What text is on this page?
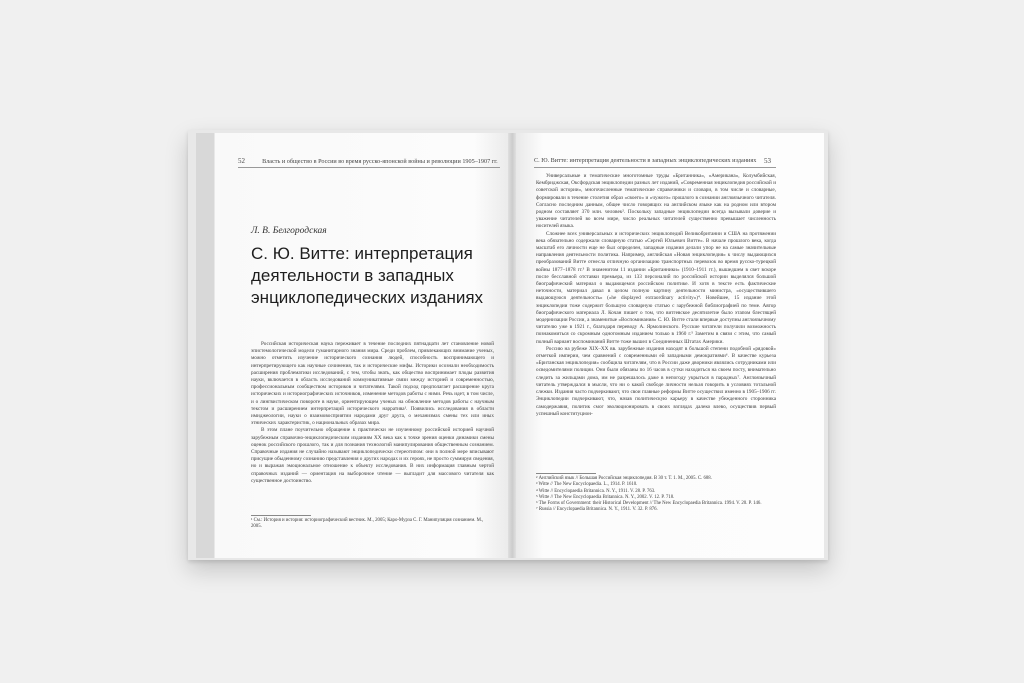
52	Власть и общество в России во время русско-японской войны и революции 1905–1907 гг.
Л. В. Белгородская
С. Ю. Витте: интерпретация деятельности в западных энциклопедических изданиях

Российская историческая наука переживает в течение последних пятнадцати лет становление новой эпистемологической модели гуманитарного знания мира. Среди проблем, привлекающих внимание ученых, можно отметить изучение исторического сознания людей, способность воспринимающего и интерпретирующего как научные сочинения, так и исторические мифы. Историки осознали необходимость расширения проблематики исследований, с тем, чтобы знать, как общество воспринимает плоды развития науки, включается в область исследований коммуникативные связи между историей и современностью, профессиональным сообществом историков и читателями. Такой подход предполагает расширение круга исторических и историографических источников, изменение методов работы с ними. Речь идет, в том числе, и о лингвистическом повороте в науке, ориентирующем ученых на обновление методов работы с научным текстом и расширением интерпретаций исторического нарратива¹. Появились исследования в области имиджеологии, науки о взаимовосприятии народами друг друга, о механизмах смены тех или иных этнических характеристик, о национальных образах мира.

В этом плане поучительно обращение к практически не изученному российской историей научной зарубежным справочно-энциклопедическим изданиям XX века как к точке зрения оценки динамики смены оценок российского прошлого, так и для познания технологий манипулирования общественным сознанием. Справочные издания не случайно называют энциклопедически стереотипом: они в полной мере вписывают присущие обыденному сознанию представления о других народах и их героях, не просто суммируя сведения, но и выражая эмоциональное отношение к объекту исследования. В них информация главным чертой справочных изданий — ориентация на выборочное чтение — выгладит для массового читателя как существенное достоинство.

¹ См.: История и история: историографический вестник. М., 2005; Каро-Мурза С. Г. Манипуляция сознанием. М., 2005.
С. Ю. Витте: интерпретация деятельности в западных энциклопедических изданиях 53

Универсальные и тематические многотомные труды «Британника», «Американа», Колумбийская, Кембриджская, Оксфордская энциклопедии разных лет изданий, «Современная энциклопедия российской и советской истории», многочисленные тематические справочники и словари, в том числе и словарные, формировали в течение столетия образ «своего» и «чужого» прошлого в сознании англоязычного читателя. Согласно последним данным, общее число говорящих на английском языке как на родном или втором родном составляет 370 млн. человек². Поскольку западные энциклопедии всегда вызывали доверие и уважение читателей во всем мире, число реальных читателей существенно превышает численность носителей языка.

Сложнее всех универсальных и исторических энциклопедий Великобритании и США на протяжении века обязательно содержали словарную статью «Сергей Юльевич Витте». В начале прошлого века, когда масштаб его личности еще не был определен, западные издания делали упор не на самые значительные направления деятельности политика. Например, английская «Новая энциклопедия» к числу выдающихся преобразований Витте отнесла отличную организацию транспортных перевозок во время русско-турецкой войны 1877–1878 гг.³ В знаменитом 11 издании «Британники» (1910–1911 гг.), вышедшем в свет вскоре после бесславной отставки премьера, из 133 персоналий по российской истории выделялся большой биографический материал о выдающемся российском политике. И хотя в тексте есть фактические неточности, материал давал в целом полную картину деятельности министра, «осуществившего выдающуюся деятельность» («he displayed extraordinary activity»)⁴. Новейшее, 15 издание этой энциклопедии тоже содержит большую словарную статью с зарубежной библиографией по теме. Автор биографического материала Л. Кочан пишет о том, что витгевское десятилетие было этапом блестящей модернизации России, а знаменитые «Воспоминания» С. Ю. Витте стали впервые доступны англоязычному читателю уже в 1921 г., благодаря переводу А. Ярмолинского. Русские читатели получили возможность познакомиться со скромным однотомным изданием только в 1960 г.⁵ Заметим в связи с этим, что самый полный вариант воспоминаний Витте тоже вышел в Соединенных Штатах Америки.

Россию на рубеже XIX–XX вв. зарубежные издания находят в большой степени подобной «рядовой» отметкой империи, чем сравнений с современными ей западными демократиями⁶. В качестве курьеза «Британская энциклопедия» сообщила читателям, что в России даже дворники являлись сотрудниками или осведомителями полиции. Они были обязаны по 16 часов в сутки находиться на своем посту, внимательно следить за жильцами дома, им не разрешалось даже в непогоду укрыться в парадных⁷. Англоязычный читатель утверждался в мысли, что ни о какой свободе личности нельзя говорить в условиях тотальной слежки. Издания часто подчеркивают, что свои главные реформы Витте осуществил именно в 1905–1906 гг. Энциклопедии подчеркивают, что, начав политическую карьеру в качестве убежденного сторонника самодержавия, политик смог эволюционировать в своих взглядах далеко влево, осуществив первый успешный конституцион-

² Английский язык // Большая Российская энциклопедия. В 30 т. Т. 1. М., 2005. С. 688.
³ Witte // The New Encyclopaedia. L., 1914. P. 1610.
⁴ Witte // Encyclopaedia Britannica. N. Y., 1911. V. 28. P. 763.
⁵ Witte // The New Encyclopaedia Britannica. N. Y., 2002. V. 12. P. 718.
⁶ The Forms of Government: their Historical Development // The New Encyclopaedia Britannica. 1994. V. 20. P. 146.
⁷ Russia // Encyclopaedia Britannica. N. Y., 1911. V. 32. P. 876.
